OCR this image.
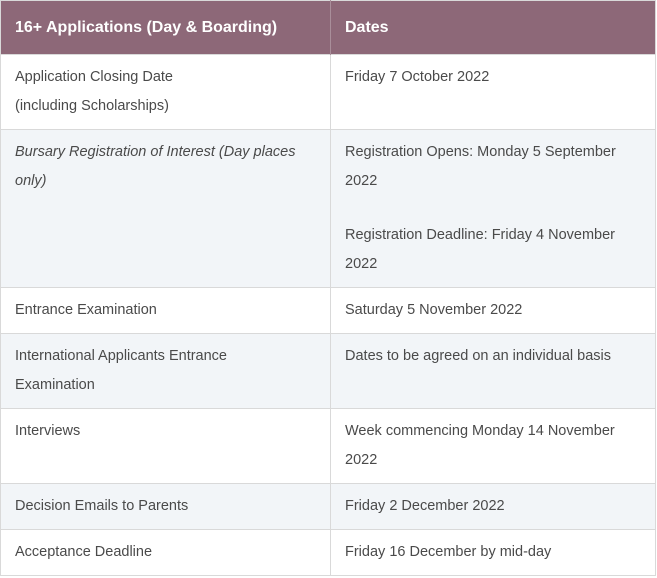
16+ Applications (Day & Boarding)	Dates

Application Closing Date
(including Scholarships)	Friday 7 October 2022

Bursary Registration of Interest (Day places
only)	Registration Opens: Monday 5 September
2022
Registration Deadline: Friday 4 November
2022

Entrance Examination	Saturday 5 November 2022

International Applicants Entrance
Examination	Dates to be agreed on an individual basis

Interviews	Week commencing Monday 14 November
2022

Decision Emails to Parents	Friday 2 December 2022

Acceptance Deadline	Friday 16 December by mid-day
